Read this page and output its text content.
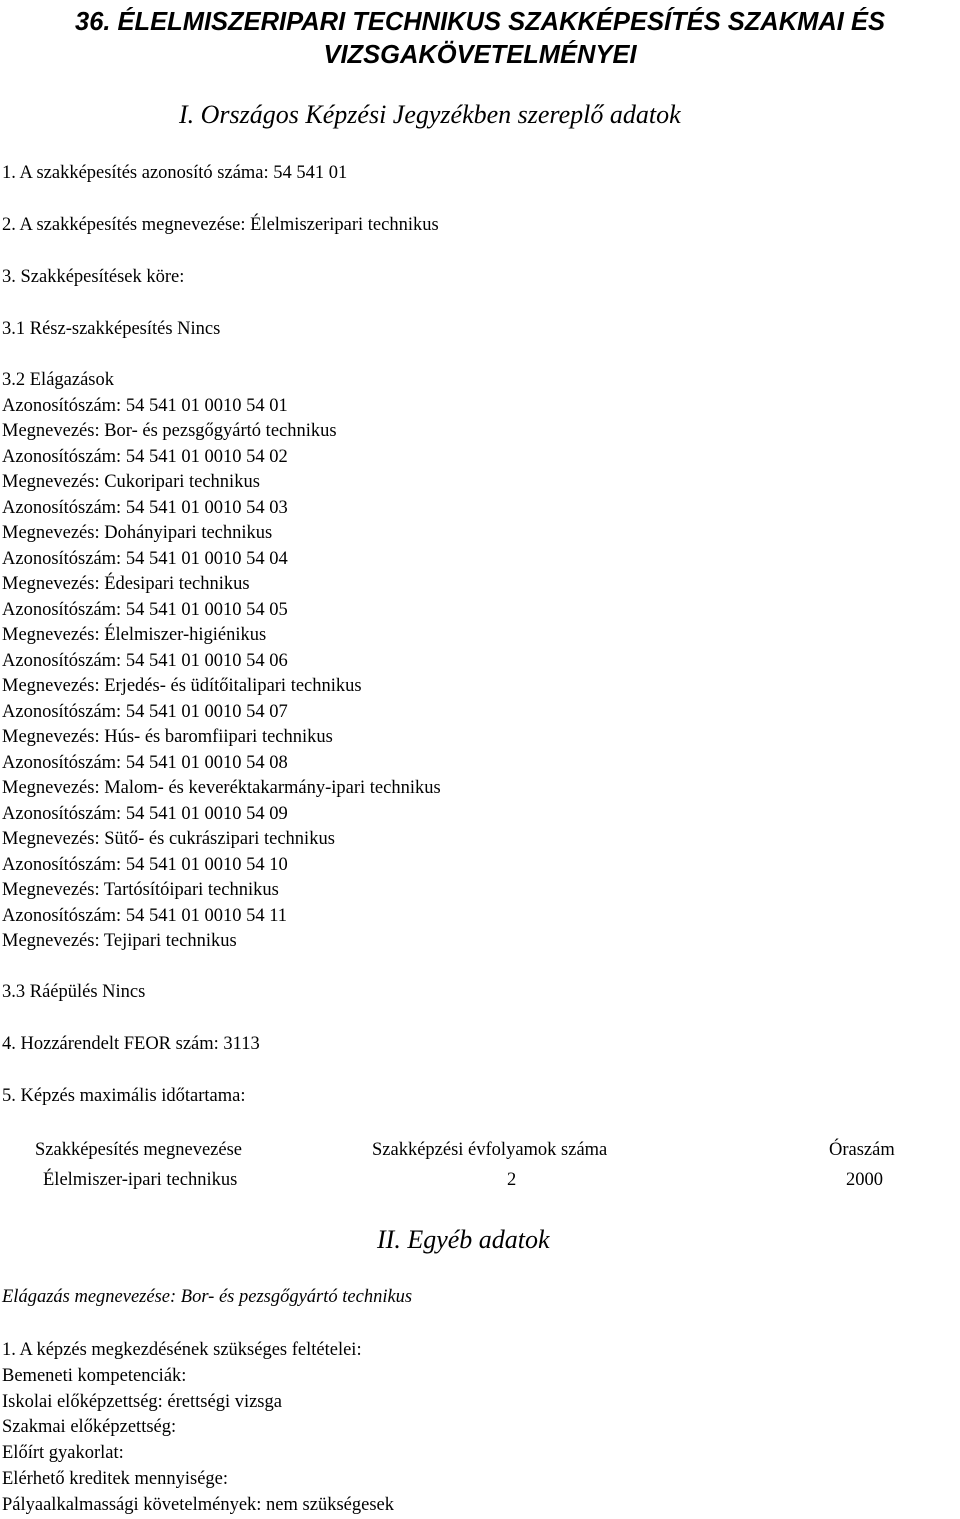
36. ÉLELMISZERIPARI TECHNIKUS SZAKKÉPESÍTÉS SZAKMAI ÉS
VIZSGAKÖVETELMÉNYEI
I. Országos Képzési Jegyzékben szereplő adatok
1. A szakképesítés azonosító száma: 54 541 01
2. A szakképesítés megnevezése: Élelmiszeripari technikus
3. Szakképesítések köre:
3.1 Rész-szakképesítés Nincs
3.2 Elágazások
Azonosítószám: 54 541 01 0010 54 01
Megnevezés: Bor- és pezsgőgyártó technikus
Azonosítószám: 54 541 01 0010 54 02
Megnevezés: Cukoripari technikus
Azonosítószám: 54 541 01 0010 54 03
Megnevezés: Dohányipari technikus
Azonosítószám: 54 541 01 0010 54 04
Megnevezés: Édesipari technikus
Azonosítószám: 54 541 01 0010 54 05
Megnevezés: Élelmiszer-higiénikus
Azonosítószám: 54 541 01 0010 54 06
Megnevezés: Erjedés- és üdítőitalipari technikus
Azonosítószám: 54 541 01 0010 54 07
Megnevezés: Hús- és baromfiipari technikus
Azonosítószám: 54 541 01 0010 54 08
Megnevezés: Malom- és keveréktakarmány-ipari technikus
Azonosítószám: 54 541 01 0010 54 09
Megnevezés: Sütő- és cukrászipari technikus
Azonosítószám: 54 541 01 0010 54 10
Megnevezés: Tartósítóipari technikus
Azonosítószám: 54 541 01 0010 54 11
Megnevezés: Tejipari technikus
3.3 Ráépülés Nincs
4. Hozzárendelt FEOR szám: 3113
5. Képzés maximális időtartama:
Szakképesítés megnevezése	Szakképzési évfolyamok száma	Óraszám
Élelmiszer-ipari technikus	2	2000
II. Egyéb adatok
Elágazás megnevezése: Bor- és pezsgőgyártó technikus
1. A képzés megkezdésének szükséges feltételei:
Bemeneti kompetenciák:
Iskolai előképzettség: érettségi vizsga
Szakmai előképzettség:
Előírt gyakorlat:
Elérhető kreditek mennyisége:
Pályaalkalmassági követelmények: nem szükségesek
